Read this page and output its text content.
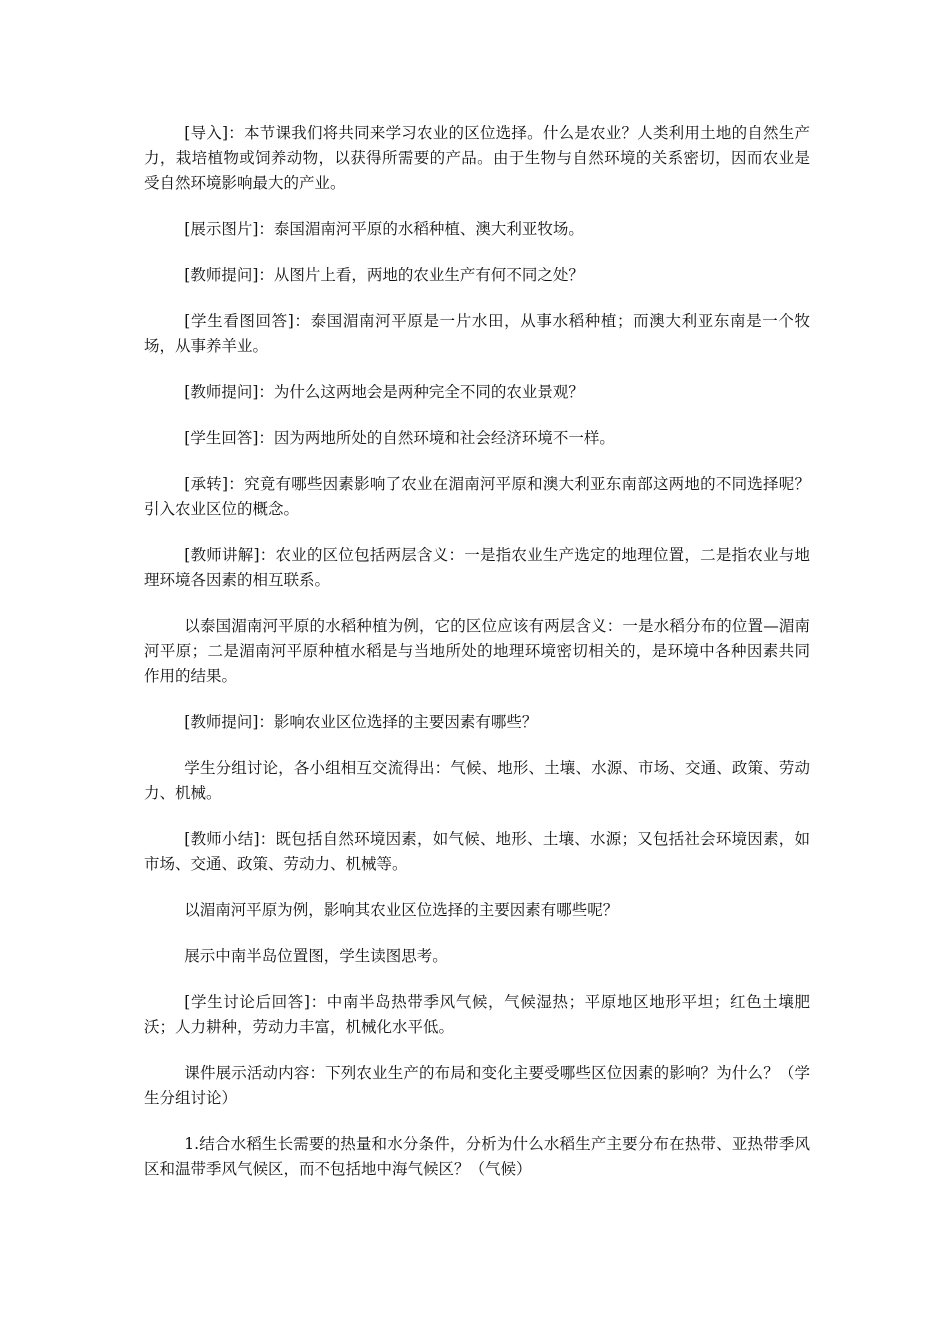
[导入]：本节课我们将共同来学习农业的区位选择。什么是农业？人类利用土地的自然生产力，栽培植物或饲养动物，以获得所需要的产品。由于生物与自然环境的关系密切，因而农业是受自然环境影响最大的产业。

[展示图片]：泰国湄南河平原的水稻种植、澳大利亚牧场。

[教师提问]：从图片上看，两地的农业生产有何不同之处？

[学生看图回答]：泰国湄南河平原是一片水田，从事水稻种植；而澳大利亚东南是一个牧场，从事养羊业。

[教师提问]：为什么这两地会是两种完全不同的农业景观？

[学生回答]：因为两地所处的自然环境和社会经济环境不一样。

[承转]：究竟有哪些因素影响了农业在湄南河平原和澳大利亚东南部这两地的不同选择呢？引入农业区位的概念。

[教师讲解]：农业的区位包括两层含义：一是指农业生产选定的地理位置，二是指农业与地理环境各因素的相互联系。

以泰国湄南河平原的水稻种植为例，它的区位应该有两层含义：一是水稻分布的位置—湄南河平原；二是湄南河平原种植水稻是与当地所处的地理环境密切相关的，是环境中各种因素共同作用的结果。

[教师提问]：影响农业区位选择的主要因素有哪些？

学生分组讨论，各小组相互交流得出：气候、地形、土壤、水源、市场、交通、政策、劳动力、机械。

[教师小结]：既包括自然环境因素，如气候、地形、土壤、水源；又包括社会环境因素，如市场、交通、政策、劳动力、机械等。

以湄南河平原为例，影响其农业区位选择的主要因素有哪些呢？

展示中南半岛位置图，学生读图思考。

[学生讨论后回答]：中南半岛热带季风气候，气候湿热；平原地区地形平坦；红色土壤肥沃；人力耕种，劳动力丰富，机械化水平低。

课件展示活动内容：下列农业生产的布局和变化主要受哪些区位因素的影响？为什么？（学生分组讨论）

1.结合水稻生长需要的热量和水分条件，分析为什么水稻生产主要分布在热带、亚热带季风区和温带季风气候区，而不包括地中海气候区？（气候）
